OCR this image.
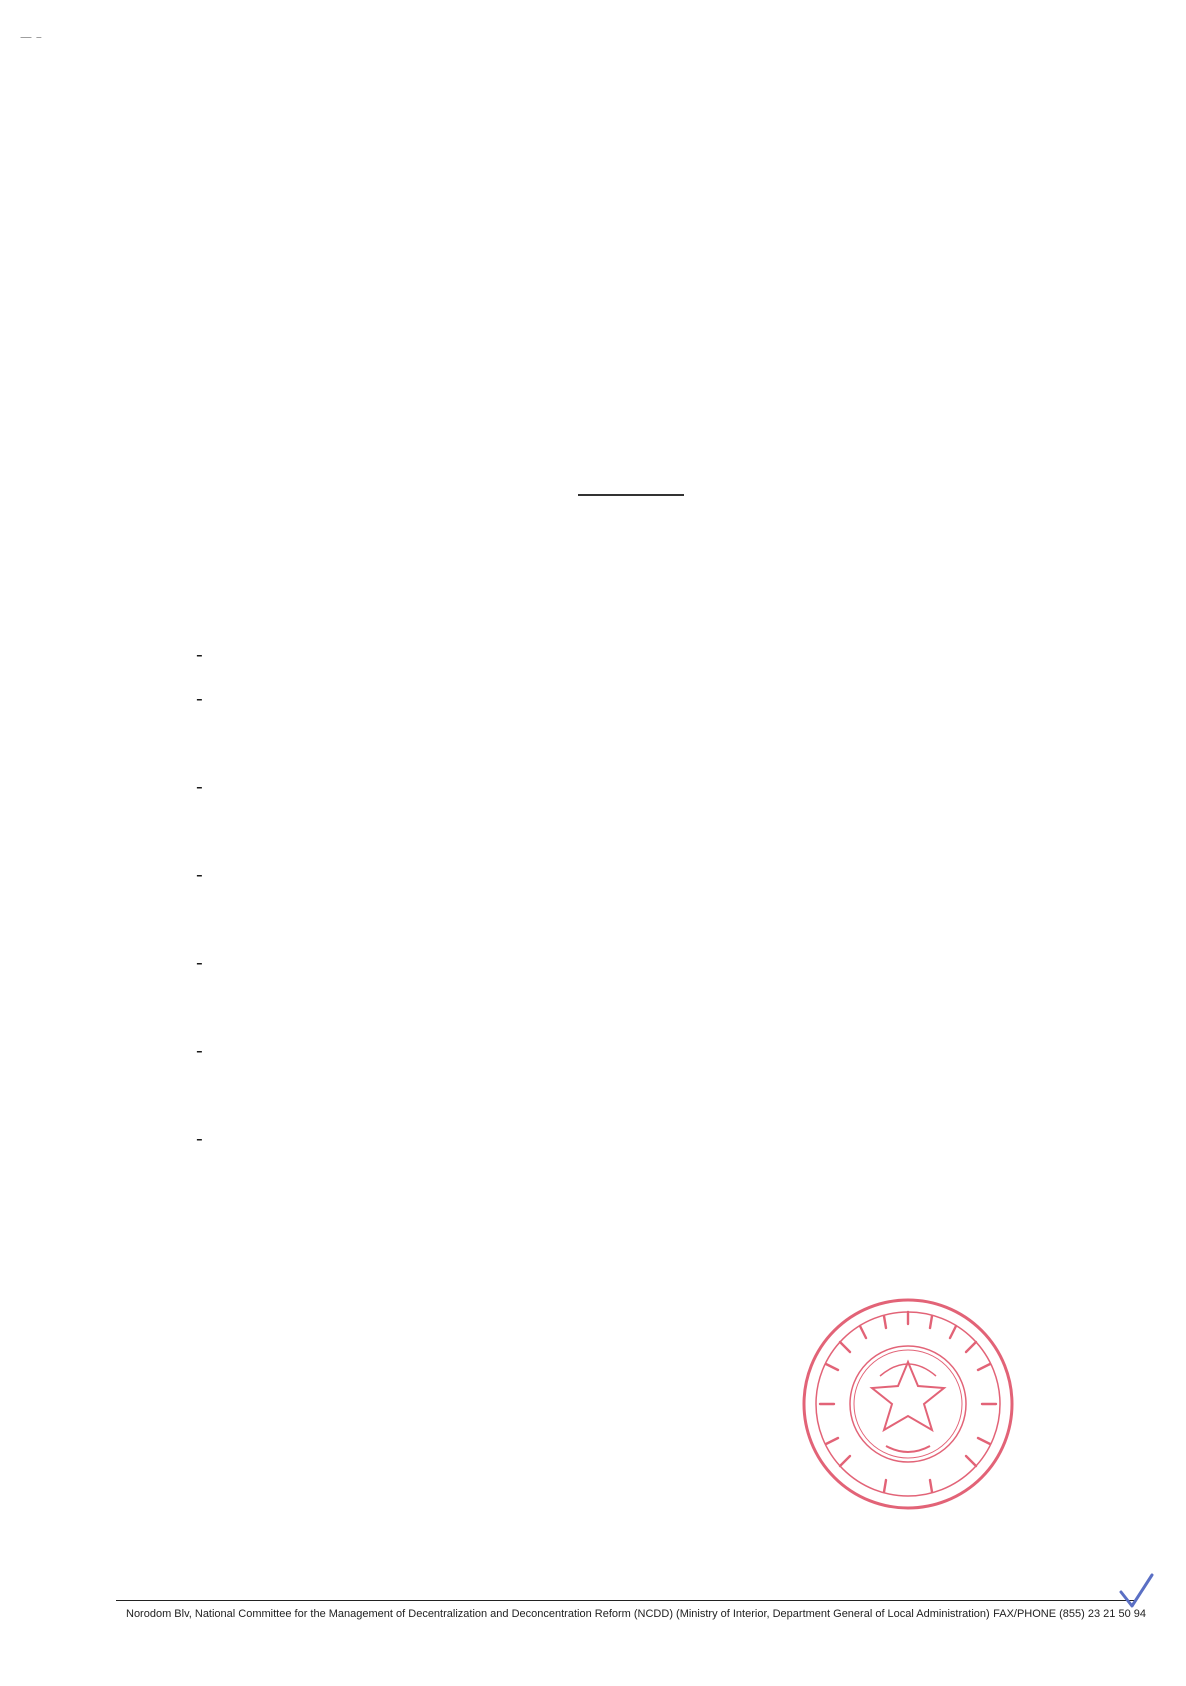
— –
-
-
-
-
-
-
-
FAX/PHONE (855) 23 21 50 94
Norodom Blv, National Committee for the Management of Decentralization and Deconcentration Reform (NCDD) (Ministry of Interior, Department General of Local Administration)
